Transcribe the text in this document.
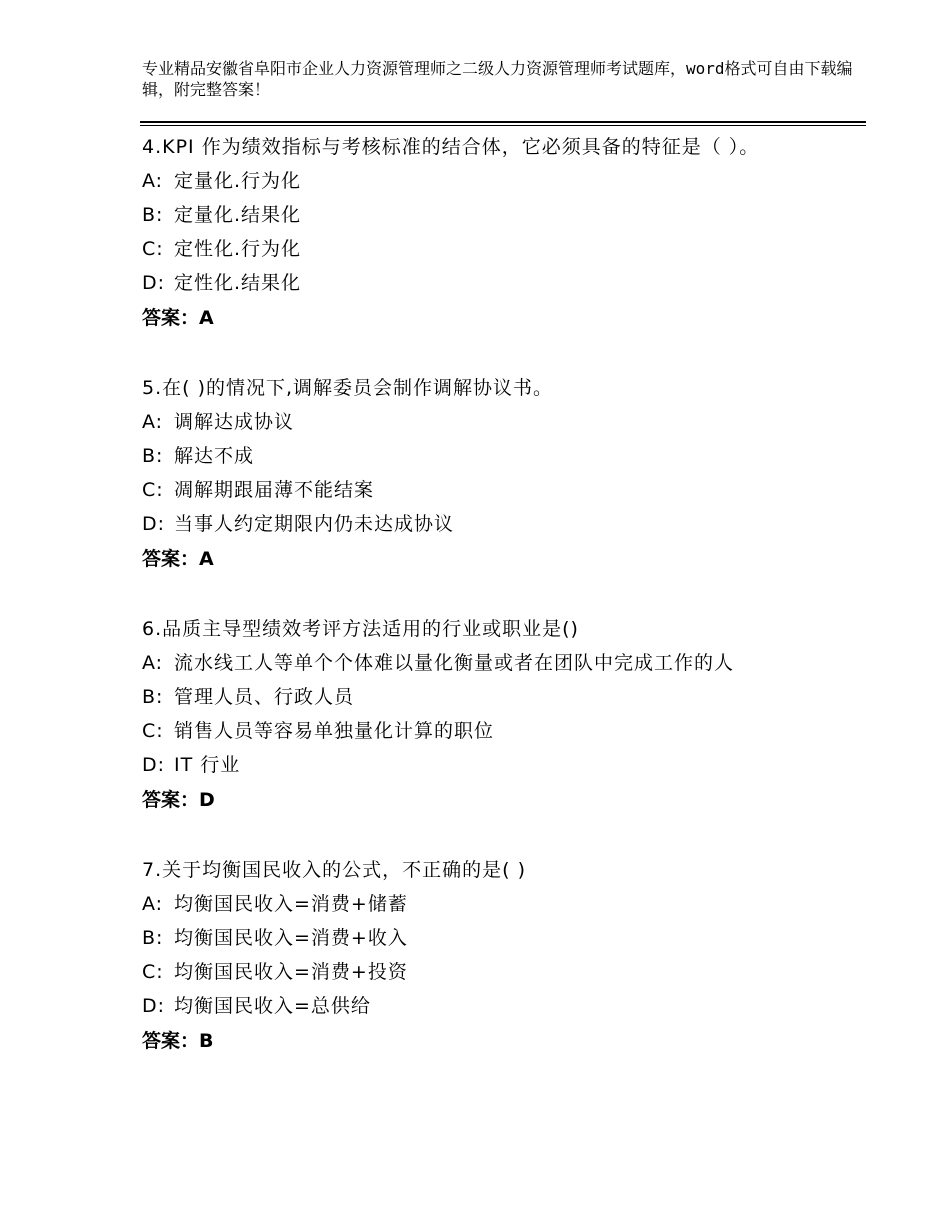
专业精品安徽省阜阳市企业人力资源管理师之二级人力资源管理师考试题库，word格式可自由下载编辑，附完整答案！
4.KPI 作为绩效指标与考核标准的结合体，它必须具备的特征是（ ）。
A: 定量化.行为化
B: 定量化.结果化
C: 定性化.行为化
D: 定性化.结果化
答案：A
5.在( )的情况下,调解委员会制作调解协议书。
A: 调解达成协议
B: 解达不成
C: 凋解期跟届薄不能结案
D: 当事人约定期限内仍未达成协议
答案：A
6.品质主导型绩效考评方法适用的行业或职业是()
A: 流水线工人等单个个体难以量化衡量或者在团队中完成工作的人
B: 管理人员、行政人员
C: 销售人员等容易单独量化计算的职位
D: IT 行业
答案：D
7.关于均衡国民收入的公式，不正确的是( )
A: 均衡国民收入=消费+储蓄
B: 均衡国民收入=消费+收入
C: 均衡国民收入=消费+投资
D: 均衡国民收入=总供给
答案：B
